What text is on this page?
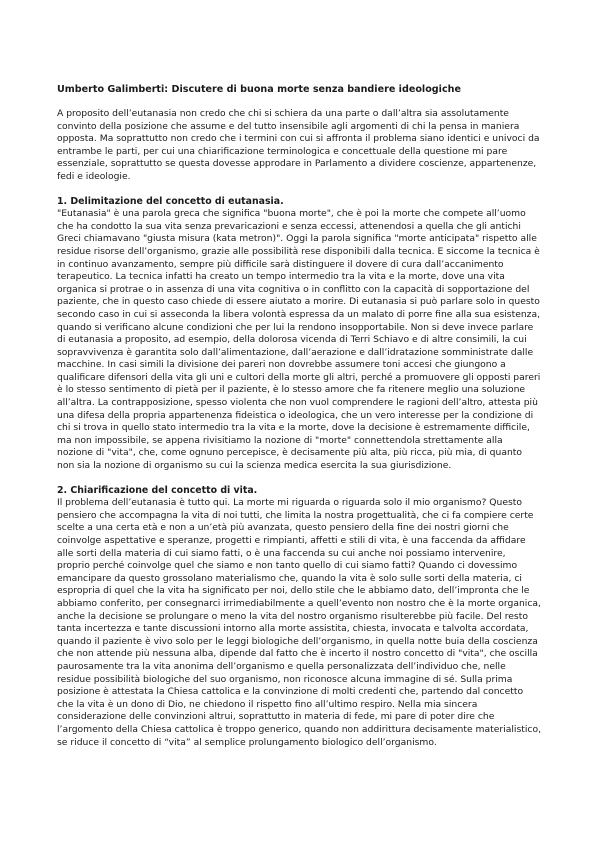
Umberto Galimberti: Discutere di buona morte senza bandiere ideologiche

A proposito dell’eutanasia non credo che chi si schiera da una parte o dall’altra sia assolutamente convinto della posizione che assume e del tutto insensibile agli argomenti di chi la pensa in maniera opposta. Ma soprattutto non credo che i termini con cui si affronta il problema siano identici e univoci da entrambe le parti, per cui una chiarificazione terminologica e concettuale della questione mi pare essenziale, soprattutto se questa dovesse approdare in Parlamento a dividere coscienze, appartenenze, fedi e ideologie.

1. Delimitazione del concetto di eutanasia.

"Eutanasia" è una parola greca che significa "buona morte", che è poi la morte che compete all’uomo che ha condotto la sua vita senza prevaricazioni e senza eccessi, attenendosi a quella che gli antichi Greci chiamavano "giusta misura (kata metron)". Oggi la parola significa "morte anticipata" rispetto alle residue risorse dell’organismo, grazie alle possibilità rese disponibili dalla tecnica. E siccome la tecnica è in continuo avanzamento, sempre più difficile sarà distinguere il dovere di cura dall’accanimento terapeutico. La tecnica infatti ha creato un tempo intermedio tra la vita e la morte, dove una vita organica si protrae o in assenza di una vita cognitiva o in conflitto con la capacità di sopportazione del paziente, che in questo caso chiede di essere aiutato a morire. Di eutanasia si può parlare solo in questo secondo caso in cui si asseconda la libera volontà espressa da un malato di porre fine alla sua esistenza, quando si verificano alcune condizioni che per lui la rendono insopportabile. Non si deve invece parlare di eutanasia a proposito, ad esempio, della dolorosa vicenda di Terri Schiavo e di altre consimili, la cui sopravvivenza è garantita solo dall’alimentazione, dall’aerazione e dall’idratazione somministrate dalle macchine. In casi simili la divisione dei pareri non dovrebbe assumere toni accesi che giungono a qualificare difensori della vita gli uni e cultori della morte gli altri, perché a promuovere gli opposti pareri è lo stesso sentimento di pietà per il paziente, è lo stesso amore che fa ritenere meglio una soluzione all’altra. La contrapposizione, spesso violenta che non vuol comprendere le ragioni dell’altro, attesta più una difesa della propria appartenenza fideistica o ideologica, che un vero interesse per la condizione di chi si trova in quello stato intermedio tra la vita e la morte, dove la decisione è estremamente difficile, ma non impossibile, se appena rivisitiamo la nozione di "morte" connettendola strettamente alla nozione di "vita", che, come ognuno percepisce, è decisamente più alta, più ricca, più mia, di quanto non sia la nozione di organismo su cui la scienza medica esercita la sua giurisdizione.

2. Chiarificazione del concetto di vita.

Il problema dell’eutanasia è tutto qui. La morte mi riguarda o riguarda solo il mio organismo? Questo pensiero che accompagna la vita di noi tutti, che limita la nostra progettualità, che ci fa compiere certe scelte a una certa età e non a un’età più avanzata, questo pensiero della fine dei nostri giorni che coinvolge aspettative e speranze, progetti e rimpianti, affetti e stili di vita, è una faccenda da affidare alle sorti della materia di cui siamo fatti, o è una faccenda su cui anche noi possiamo intervenire, proprio perché coinvolge quel che siamo e non tanto quello di cui siamo fatti? Quando ci dovessimo emancipare da questo grossolano materialismo che, quando la vita è solo sulle sorti della materia, ci espropria di quel che la vita ha significato per noi, dello stile che le abbiamo dato, dell’impronta che le abbiamo conferito, per consegnarci irrimediabilmente a quell’evento non nostro che è la morte organica, anche la decisione se prolungare o meno la vita del nostro organismo risulterebbe più facile. Del resto tanta incertezza e tante discussioni intorno alla morte assistita, chiesta, invocata e talvolta accordata, quando il paziente è vivo solo per le leggi biologiche dell’organismo, in quella notte buia della coscienza che non attende più nessuna alba, dipende dal fatto che è incerto il nostro concetto di "vita", che oscilla paurosamente tra la vita anonima dell’organismo e quella personalizzata dell’individuo che, nelle residue possibilità biologiche del suo organismo, non riconosce alcuna immagine di sé. Sulla prima posizione è attestata la Chiesa cattolica e la convinzione di molti credenti che, partendo dal concetto che la vita è un dono di Dio, ne chiedono il rispetto fino all’ultimo respiro. Nella mia sincera considerazione delle convinzioni altrui, soprattutto in materia di fede, mi pare di poter dire che l’argomento della Chiesa cattolica è troppo generico, quando non addirittura decisamente materialistico, se riduce il concetto di “vita” al semplice prolungamento biologico dell’organismo.
